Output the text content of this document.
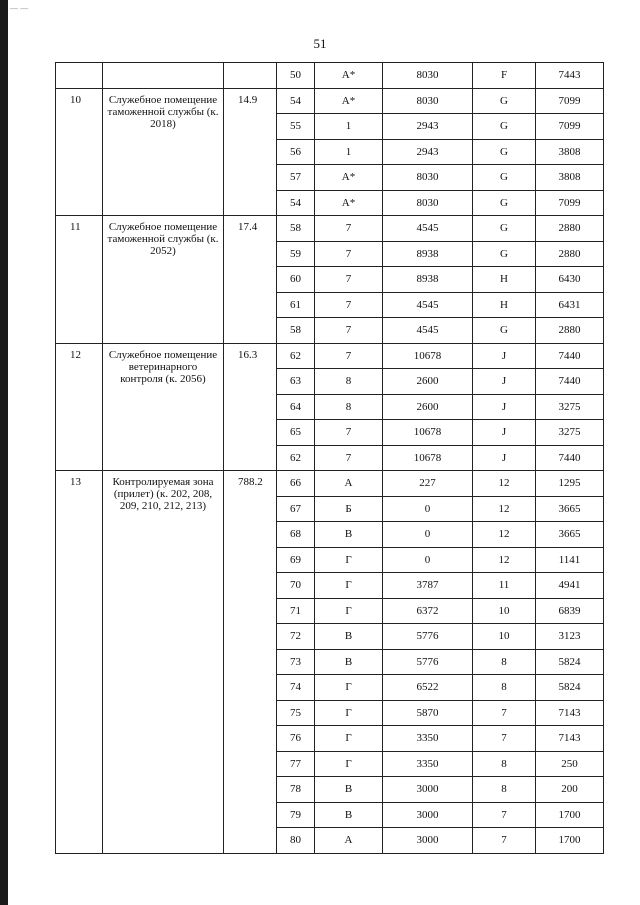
— —
51
			50	A*	8030	F	7443
10	Служебное помещение таможенной службы (к. 2018)	14.9	54	A*	8030	G	7099
			55	1	2943	G	7099
			56	1	2943	G	3808
			57	A*	8030	G	3808
			54	A*	8030	G	7099
11	Служебное помещение таможенной службы (к. 2052)	17.4	58	7	4545	G	2880
			59	7	8938	G	2880
			60	7	8938	H	6430
			61	7	4545	H	6431
			58	7	4545	G	2880
12	Служебное помещение ветеринарного контроля (к. 2056)	16.3	62	7	10678	J	7440
			63	8	2600	J	7440
			64	8	2600	J	3275
			65	7	10678	J	3275
			62	7	10678	J	7440
13	Контролируемая зона (прилет) (к. 202, 208, 209, 210, 212, 213)	788.2	66	А	227	12	1295
			67	Б	0	12	3665
			68	В	0	12	3665
			69	Г	0	12	1141
			70	Г	3787	11	4941
			71	Г	6372	10	6839
			72	В	5776	10	3123
			73	В	5776	8	5824
			74	Г	6522	8	5824
			75	Г	5870	7	7143
			76	Г	3350	7	7143
			77	Г	3350	8	250
			78	В	3000	8	200
			79	В	3000	7	1700
			80	А	3000	7	1700
